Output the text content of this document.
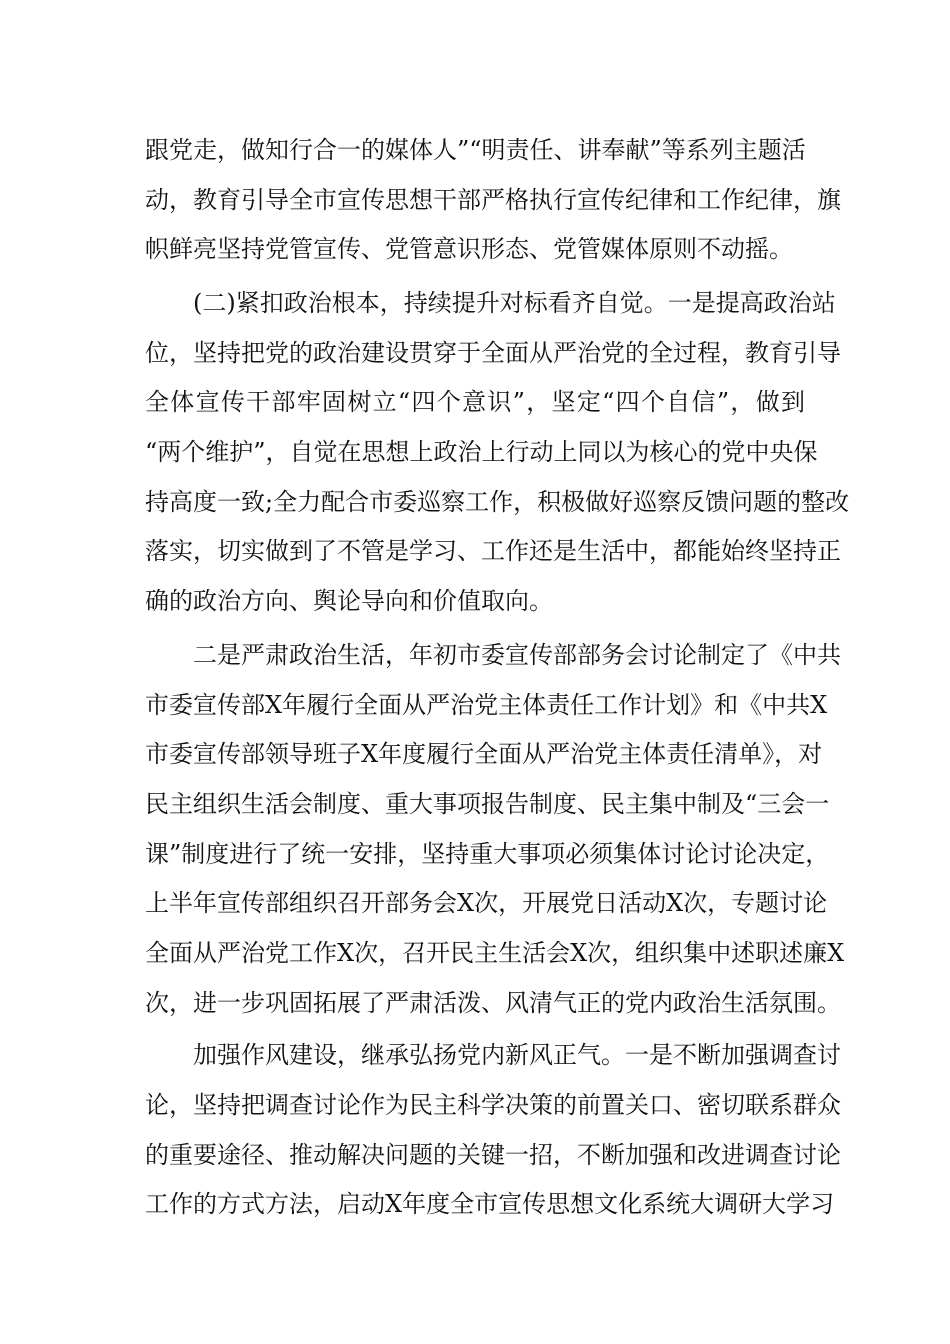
跟党走，做知行合一的媒体人”“明责任、讲奉献”等系列主题活
动，教育引导全市宣传思想干部严格执行宣传纪律和工作纪律，旗
帜鲜亮坚持党管宣传、党管意识形态、党管媒体原则不动摇。
(二)紧扣政治根本，持续提升对标看齐自觉。一是提高政治站
位，坚持把党的政治建设贯穿于全面从严治党的全过程，教育引导
全体宣传干部牢固树立“四个意识”，坚定“四个自信”，做到
“两个维护”，自觉在思想上政治上行动上同以为核心的党中央保
持高度一致;全力配合市委巡察工作，积极做好巡察反馈问题的整改
落实，切实做到了不管是学习、工作还是生活中，都能始终坚持正
确的政治方向、舆论导向和价值取向。
二是严肃政治生活，年初市委宣传部部务会讨论制定了《中共
市委宣传部X年履行全面从严治党主体责任工作计划》和《中共X
市委宣传部领导班子X年度履行全面从严治党主体责任清单》，对
民主组织生活会制度、重大事项报告制度、民主集中制及“三会一
课”制度进行了统一安排，坚持重大事项必须集体讨论讨论决定，
上半年宣传部组织召开部务会X次，开展党日活动X次，专题讨论
全面从严治党工作X次，召开民主生活会X次，组织集中述职述廉X
次，进一步巩固拓展了严肃活泼、风清气正的党内政治生活氛围。
加强作风建设，继承弘扬党内新风正气。一是不断加强调查讨
论，坚持把调查讨论作为民主科学决策的前置关口、密切联系群众
的重要途径、推动解决问题的关键一招，不断加强和改进调查讨论
工作的方式方法，启动X年度全市宣传思想文化系统大调研大学习
